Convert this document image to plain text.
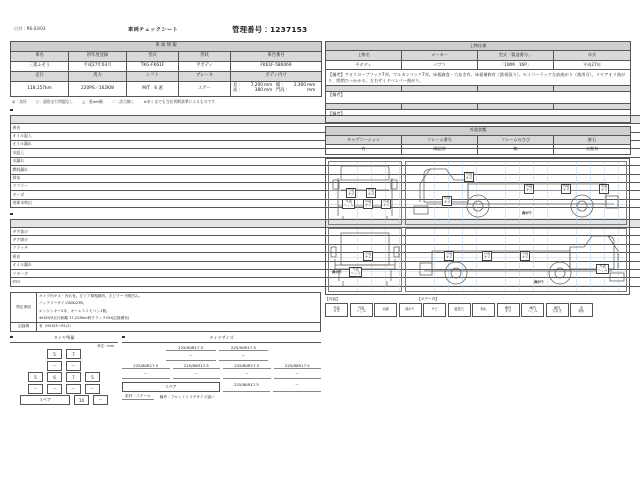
日付：R6.03/03	車両チェックシート	管理番号：1237153
車 両 情 報				
車名	初年度登録	型式	形状	車台番号
三菱ふそう	平成27年03月	TKG-FK61F	平ボディ	FK61F-586069
走行	馬力	シフト	ブレーキ	ボディ内寸
118,157km	220PS／162KW	M/T　6 速	エアー	長：	7,200 mm 幅：	2,360 mm
高：	380 mm 門高：	mm
◎：良好 ○：通常走行問題なし △：要det備 ／：該当無し ※あくまでも当社判断基準によるものです

異音		
オイル混入		
オイル漏れ		
水混入		
水漏れ		
燃料漏れ		
排気		
マフラー		
ターボ		
冷却水吹出		

ギア抜け		
ギア掛け		
クラッチ		
異音		
オイル漏れ		
リターダ		
PTO		

特記事項	キャブ内キズ・汚れ有。左ドア修復跡有。左ピラー下側凹み。
	バッテリーサイズ80D23R。
	エンジンキー2本、キーレスリモコン1個。
	※H29/3走行距離 17,229km時クラッチOH(記録簿有)
記録簿	有（H29/3～R1/2）
タイヤ残量
単位：mm
5	7
ー	ー
5	6	7	5
ー	ー	ー	ー
スペア	10	ー
タイヤサイズ
225/90R17.5	225/90R17.5
ー	ー
225/80R17.5	225/80R17.5	225/80R17.5	225/80R17.5
ー	ー	ー	ー
スペア	225/80R17.5	ー
素材：スチール	備考：フロントとリヤサイズ違い
上物仕様			
上物名	メーカー	型式「製造番号」	年式
平ボディ	パブコ	「1WM　16P」	平成27年
【備考】アオリロープフック7対。マルカンフック7対。床板腐食・穴あき有。床板補修有（鉄板張り）。セイコーラック左前曲がり（使用可）。リヤアオリ曲がり、開閉ひっかかる。左右サイドバンパー曲がり。			

【備考】			

【備考】			
外装状態			
キャブコーション	フレーム番号	フレームのさび	鮮石
有	確認済	無	点傷有
外装
キズ
外装
キズ
外装
へこみ
外装
キズ
外装
キズ
外装
キズ
外装
キズ
外装
キズ
外装
キズ
外装
キズ
曲がり
外装
キズ
外装
へこみ
曲がり
外装
キズ
外装
キズ
外装
キズ
外装
へこみ
曲がり
【外装】	【ボデー内】
外装
キズ
外装
へこみ	水漏	曲がり	サビ	腐食穴	剥れ	庫内
キズ
庫内
へこみ
庫内
穴あき
床
剥れ
